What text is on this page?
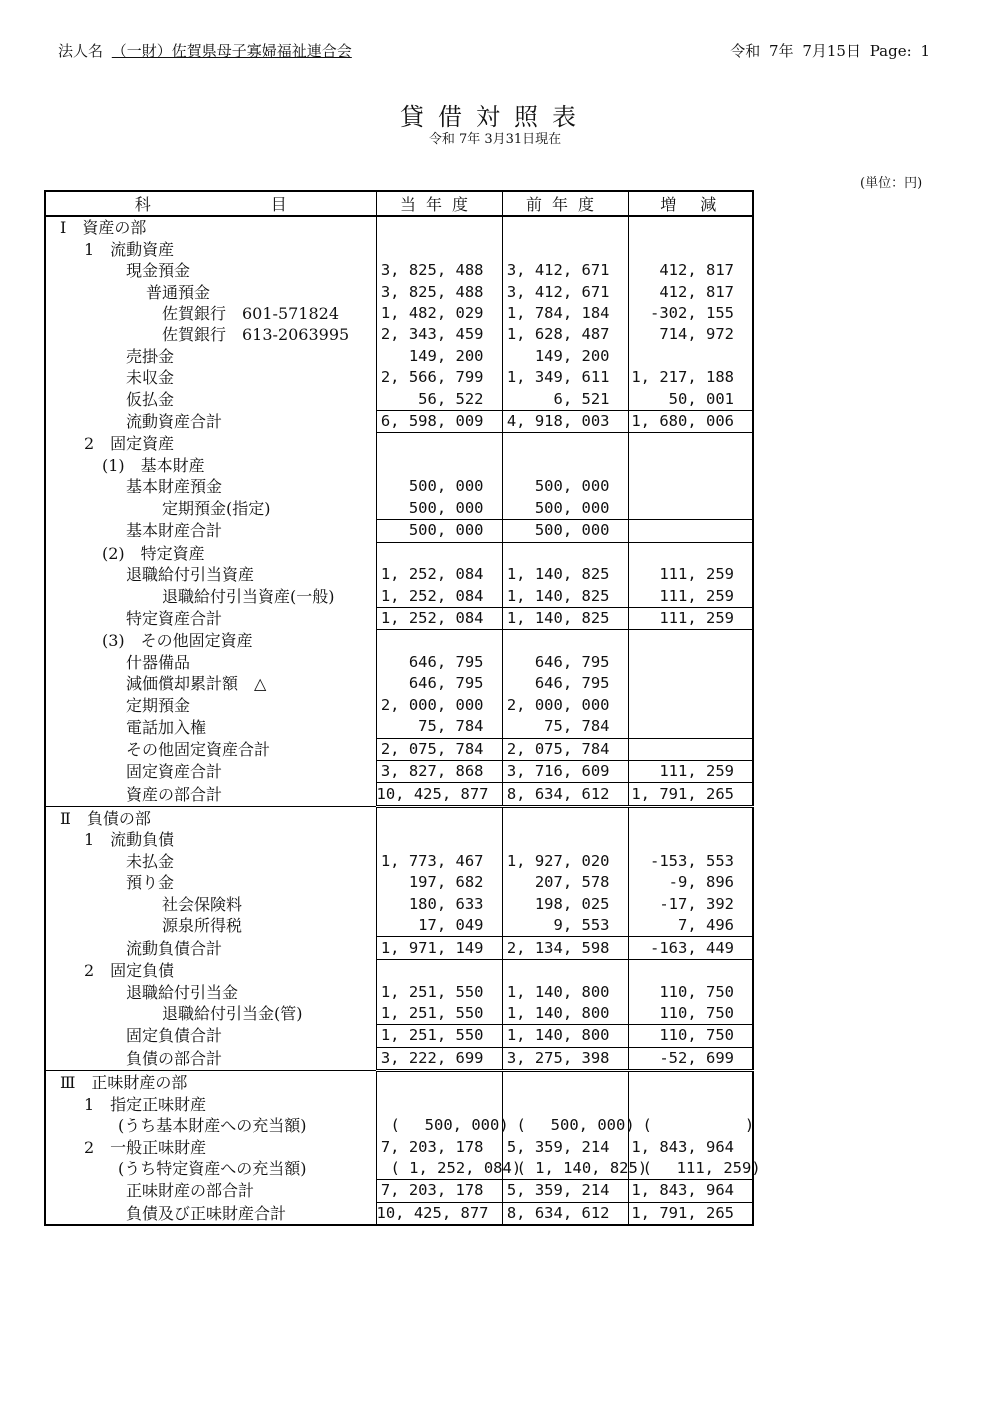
法人名 （一財）佐賀県母子寡婦福祉連合会	令和 7年 7月15日 Page: 1
貸借対照表
令和 7年 3月31日現在
(単位：円)
科 目	当年度	前年度	増　減
Ⅰ　資産の部			
1　流動資産			
現金預金	3, 825, 488	3, 412, 671	412, 817
普通預金	3, 825, 488	3, 412, 671	412, 817
佐賀銀行　601-571824	1, 482, 029	1, 784, 184	-302, 155
佐賀銀行　613-2063995	2, 343, 459	1, 628, 487	714, 972
売掛金	149, 200	149, 200	
未収金	2, 566, 799	1, 349, 611	1, 217, 188
仮払金	56, 522	6, 521	50, 001
流動資産合計	6, 598, 009	4, 918, 003	1, 680, 006
2　固定資産			
(1)　基本財産			
基本財産預金	500, 000	500, 000	
定期預金(指定)	500, 000	500, 000	
基本財産合計	500, 000	500, 000	
(2)　特定資産			
退職給付引当資産	1, 252, 084	1, 140, 825	111, 259
退職給付引当資産(一般)	1, 252, 084	1, 140, 825	111, 259
特定資産合計	1, 252, 084	1, 140, 825	111, 259
(3)　その他固定資産			
什器備品	646, 795	646, 795	
減価償却累計額　△	646, 795	646, 795	
定期預金	2, 000, 000	2, 000, 000	
電話加入権	75, 784	75, 784	
その他固定資産合計	2, 075, 784	2, 075, 784	
固定資産合計	3, 827, 868	3, 716, 609	111, 259
資産の部合計	10, 425, 877	8, 634, 612	1, 791, 265
Ⅱ　負債の部			
1　流動負債			
未払金	1, 773, 467	1, 927, 020	-153, 553
預り金	197, 682	207, 578	-9, 896
社会保険料	180, 633	198, 025	-17, 392
源泉所得税	17, 049	9, 553	7, 496
流動負債合計	1, 971, 149	2, 134, 598	-163, 449
2　固定負債			
退職給付引当金	1, 251, 550	1, 140, 800	110, 750
退職給付引当金(管)	1, 251, 550	1, 140, 800	110, 750
固定負債合計	1, 251, 550	1, 140, 800	110, 750
負債の部合計	3, 222, 699	3, 275, 398	-52, 699
Ⅲ　正味財産の部			
1　指定正味財産			
(うち基本財産への充当額)	(　 500, 000)	(　 500, 000)	(　　　　　　)
2　一般正味財産	7, 203, 178	5, 359, 214	1, 843, 964
(うち特定資産への充当額)	( 1, 252, 084)	( 1, 140, 825)	(　 111, 259)
正味財産の部合計	7, 203, 178	5, 359, 214	1, 843, 964
負債及び正味財産合計	10, 425, 877	8, 634, 612	1, 791, 265
